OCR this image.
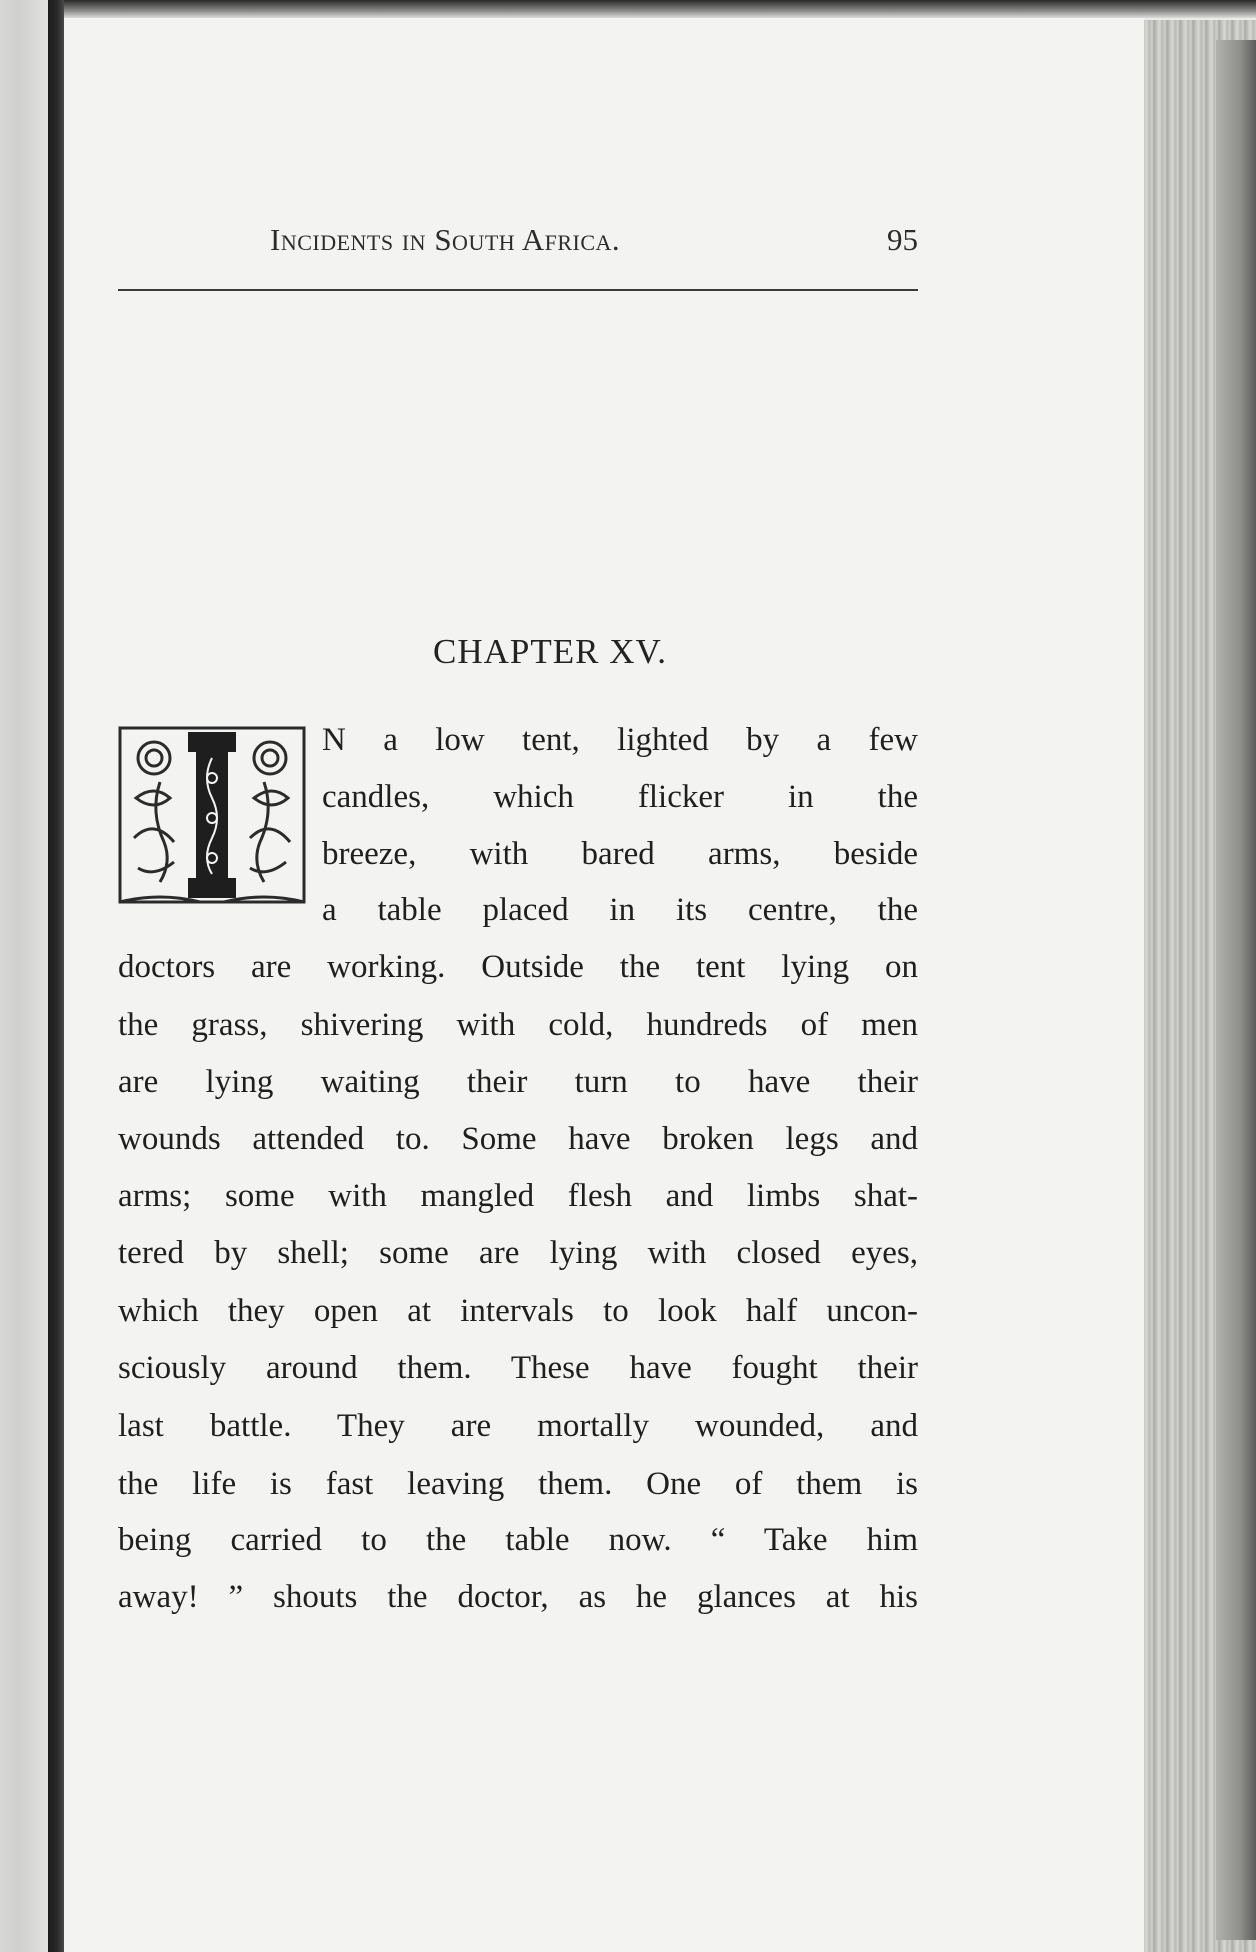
Incidents in South Africa.	95
CHAPTER XV.
N a low tent, lighted by a few
candles, which flicker in the
breeze, with bared arms, beside
a table placed in its centre, the
doctors are working. Outside the tent lying on
the grass, shivering with cold, hundreds of men
are lying waiting their turn to have their
wounds attended to. Some have broken legs and
arms; some with mangled flesh and limbs shat-
tered by shell; some are lying with closed eyes,
which they open at intervals to look half uncon-
sciously around them. These have fought their
last battle. They are mortally wounded, and
the life is fast leaving them. One of them is
being carried to the table now. “ Take him
away! ” shouts the doctor, as he glances at his
